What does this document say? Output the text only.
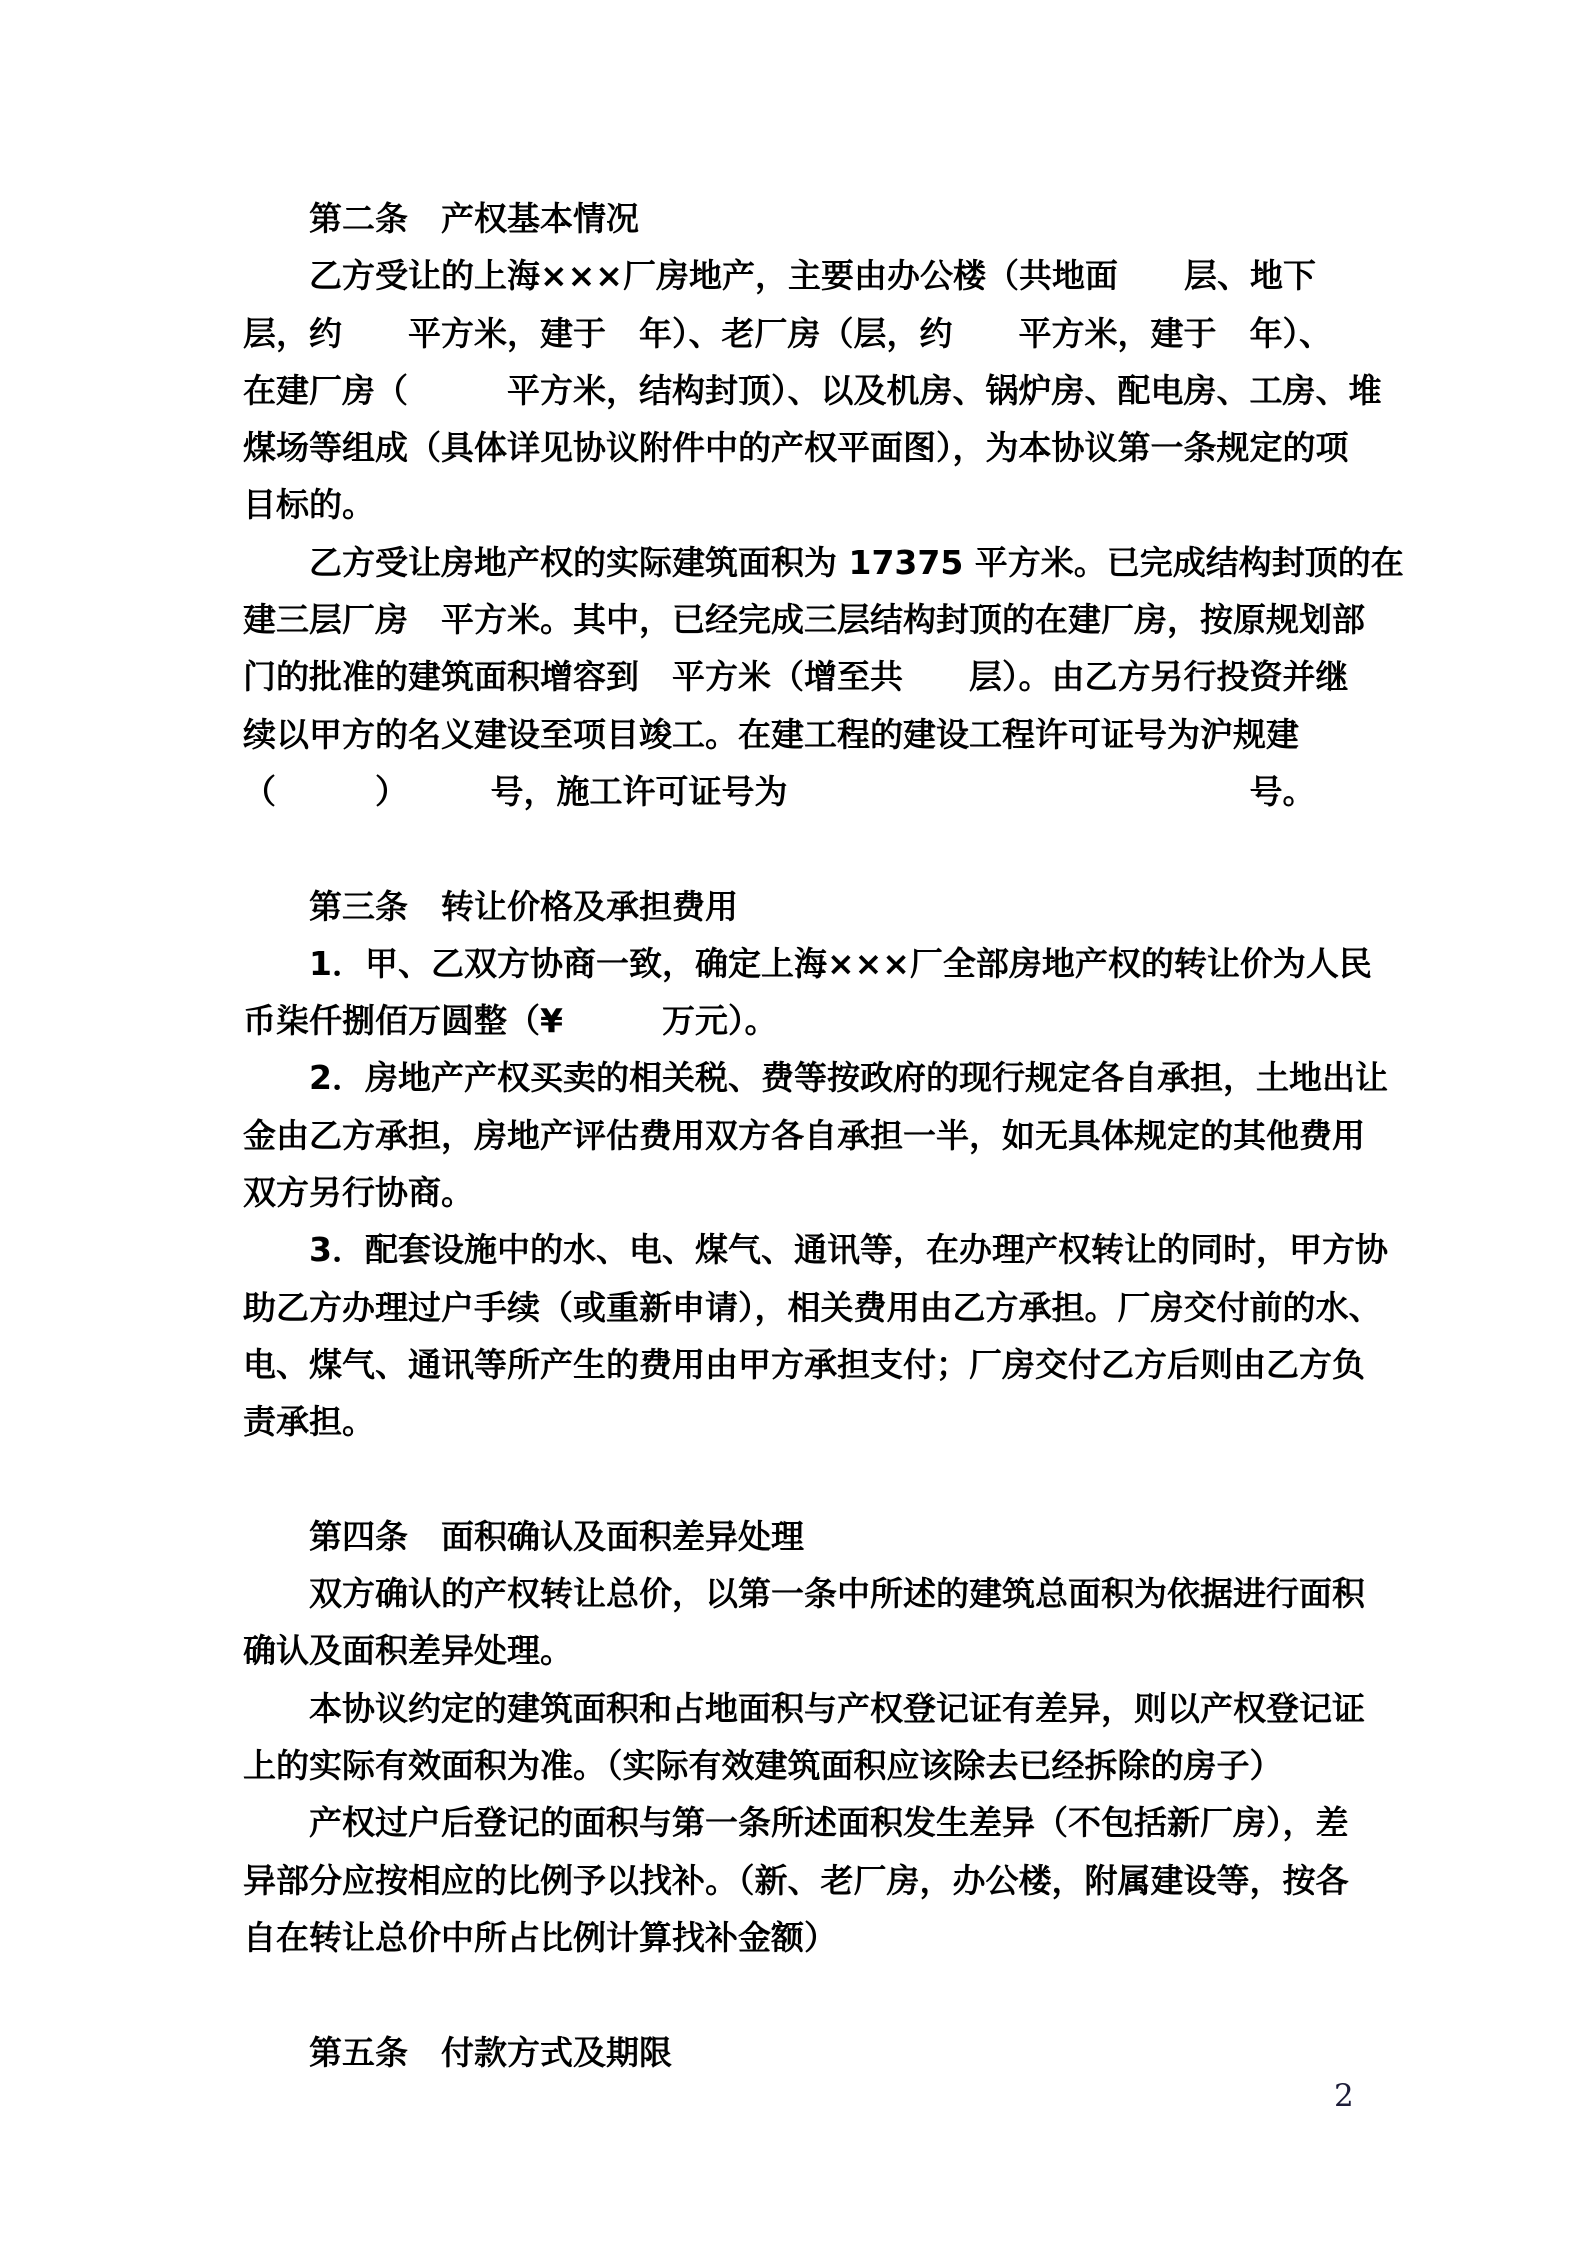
第二条　产权基本情况
乙方受让的上海×××厂房地产，主要由办公楼（共地面　　层、地下
层，约　　平方米，建于　年）、老厂房（层，约　　平方米，建于　年）、
在建厂房（　　　平方米，结构封顶）、以及机房、锅炉房、配电房、工房、堆
煤场等组成（具体详见协议附件中的产权平面图），为本协议第一条规定的项
目标的。
乙方受让房地产权的实际建筑面积为 17375 平方米。已完成结构封顶的在
建三层厂房　平方米。其中，已经完成三层结构封顶的在建厂房，按原规划部
门的批准的建筑面积增容到　平方米（增至共　　层）。由乙方另行投资并继
续以甲方的名义建设至项目竣工。在建工程的建设工程许可证号为沪规建
（　　　）　　　号，施工许可证号为　　　　　　　　　　　　　　号。

第三条　转让价格及承担费用
1．甲、乙双方协商一致，确定上海×××厂全部房地产权的转让价为人民
币柒仟捌佰万圆整（¥　　　万元）。
2．房地产产权买卖的相关税、费等按政府的现行规定各自承担，土地出让
金由乙方承担，房地产评估费用双方各自承担一半，如无具体规定的其他费用
双方另行协商。
3．配套设施中的水、电、煤气、通讯等，在办理产权转让的同时，甲方协
助乙方办理过户手续（或重新申请），相关费用由乙方承担。厂房交付前的水、
电、煤气、通讯等所产生的费用由甲方承担支付；厂房交付乙方后则由乙方负
责承担。

第四条　面积确认及面积差异处理
双方确认的产权转让总价，以第一条中所述的建筑总面积为依据进行面积
确认及面积差异处理。
本协议约定的建筑面积和占地面积与产权登记证有差异，则以产权登记证
上的实际有效面积为准。（实际有效建筑面积应该除去已经拆除的房子）
产权过户后登记的面积与第一条所述面积发生差异（不包括新厂房），差
异部分应按相应的比例予以找补。（新、老厂房，办公楼，附属建设等，按各
自在转让总价中所占比例计算找补金额）

第五条　付款方式及期限
2
